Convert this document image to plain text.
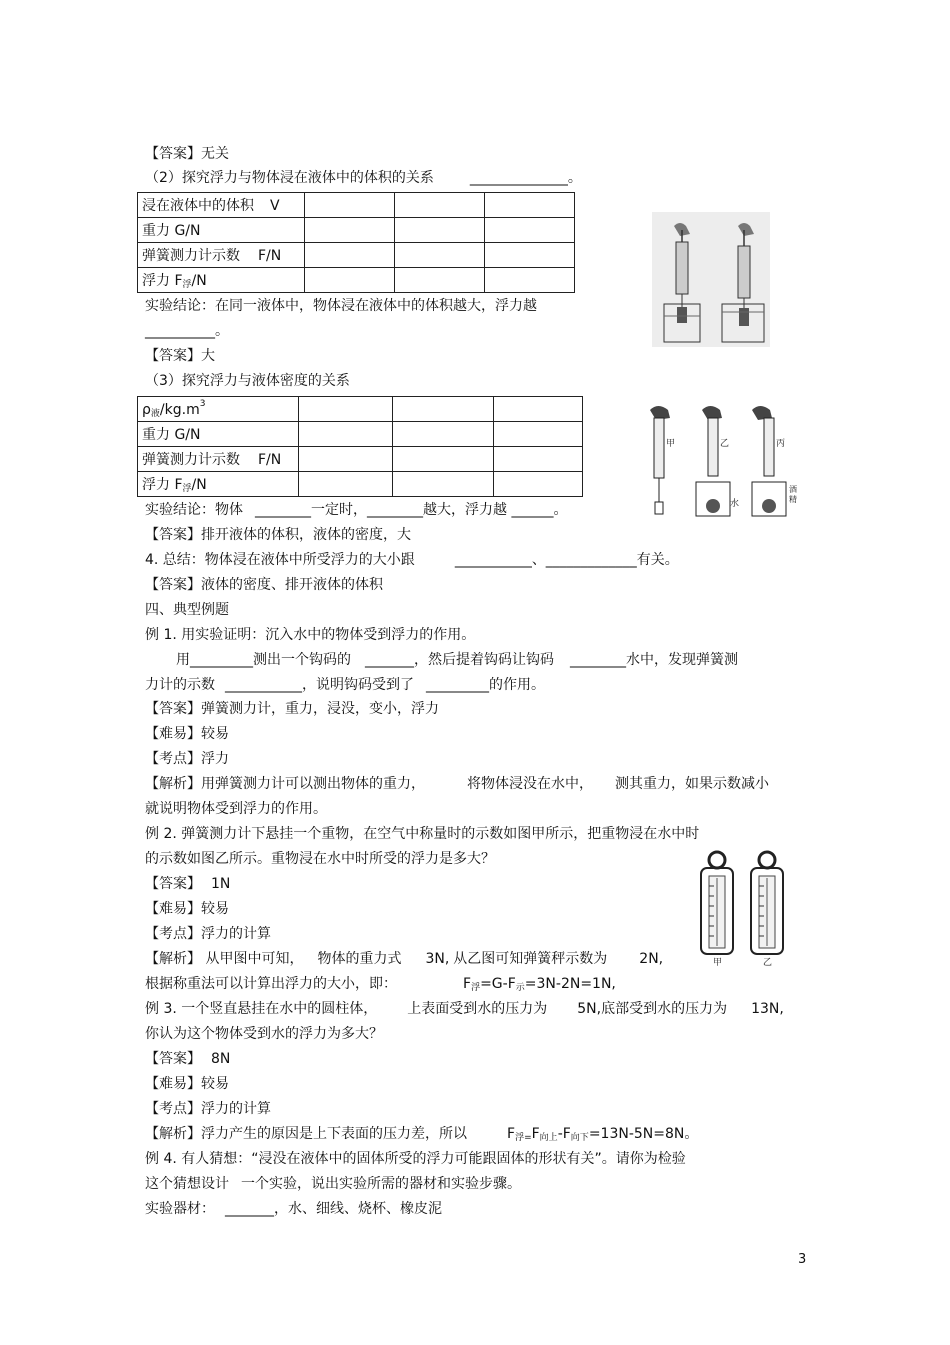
【答案】无关
（2）探究浮力与物体浸在液体中的体积的关系	______________。
浸在液体中的体积 V			
重力 G/N			
弹簧测力计示数 F/N			
浮力 $F_浮/N$			
实验结论：在同一液体中，物体浸在液体中的体积越大，浮力越
__________。
【答案】大
（3）探究浮力与液体密度的关系
$\rho_液/kg.m^3$			
重力 G/N			
弹簧测力计示数 F/N			
浮力 $F_浮/N$			
甲	乙
水
丙
酒
精
实验结论：物体 ________一定时，________越大，浮力越 ______。
【答案】排开液体的体积，液体的密度，大
4. 总结：物体浸在液体中所受浮力的大小跟	___________、_____________有关。
【答案】液体的密度、排开液体的体积
四、典型例题
例 1. 用实验证明：沉入水中的物体受到浮力的作用。
用_________测出一个钩码的 _______，然后提着钩码让钩码 ________水中，发现弹簧测
力计的示数 ___________，说明钩码受到了 _________的作用。
【答案】弹簧测力计，重力，浸没，变小，浮力
【难易】较易
【考点】浮力
【解析】用弹簧测力计可以测出物体的重力，	将物体浸没在水中， 测其重力，如果示数减小
就说明物体受到浮力的作用。
例 2. 弹簧测力计下悬挂一个重物，在空气中称量时的示数如图甲所示，把重物浸在水中时
的示数如图乙所示。重物浸在水中时所受的浮力是多大？
【答案】 1N
【难易】较易
【考点】浮力的计算
【解析】 从甲图中可知， 物体的重力式 3N, 从乙图可知弹簧秤示数为 2N,
根据称重法可以计算出浮力的大小，即：	$F_浮=G-F_示=3N-2N=1N$,
甲	乙
例 3. 一个竖直悬挂在水中的圆柱体， 上表面受到水的压力为 5N,底部受到水的压力为 13N,
你认为这个物体受到水的浮力为多大？
【答案】 8N
【难易】较易
【考点】浮力的计算
【解析】浮力产生的原因是上下表面的压力差，所以	$F_{浮=}F_{向上}-F_{向下}=13N-5N=8N$。
例 4. 有人猜想：“浸没在液体中的固体所受的浮力可能跟固体的形状有关”。请你为检验
这个猜想设计 一个实验，说出实验所需的器材和实验步骤。
实验器材： _______，水、细线、烧杯、橡皮泥
3
